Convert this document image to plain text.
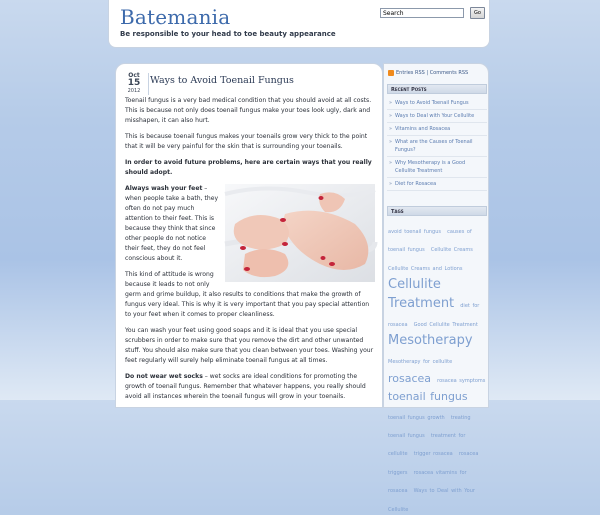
Batemania
Be responsible to your head to toe beauty appearance
Search
Go
Oct
15
2012
Ways to Avoid Toenail Fungus

Toenail fungus is a very bad medical condition that you should avoid at all costs. This is because not only does toenail fungus make your toes look ugly, dark and misshapen, it can also hurt.

This is because toenail fungus makes your toenails grow very thick to the point that it will be very painful for the skin that is surrounding your toenails.

In order to avoid future problems, here are certain ways that you really should adopt.

Always wash your feet – when people take a bath, they often do not pay much attention to their feet. This is because they think that since other people do not notice their feet, they do not feel conscious about it.

This kind of attitude is wrong because it leads to not only germ and grime buildup, it also results to conditions that make the growth of fungus very ideal. This is why it is very important that you pay special attention to your feet when it comes to proper cleanliness.

You can wash your feet using good soaps and it is ideal that you use special scrubbers in order to make sure that you remove the dirt and other unwanted stuff. You should also make sure that you clean between your toes. Washing your feet regularly will surely help eliminate toenail fungus at all times.

Do not wear wet socks – wet socks are ideal conditions for promoting the growth of toenail fungus. Remember that whatever happens, you really should avoid all instances wherein the toenail fungus will grow in your toenails.

Entries RSS | Comments RSS
Recent Posts
» Ways to Avoid Toenail Fungus
» Ways to Deal with Your Cellulite
» Vitamins and Rosacea
» What are the Causes of Toenail Fungus?
» Why Mesotherapy is a Good Cellulite Treatment
» Diet for Rosacea
Tags
avoid toenail fungus causes of toenail fungus Cellulite Creams Cellulite Creams and Lotions Cellulite Treatment diet for rosacea Good Cellulite Treatment Mesotherapy Mesotherapy for cellulite rosacea rosacea symptoms toenail fungus toenail fungus growth treating toenail fungus treatment for cellulite trigger rosacea rosacea triggers rosacea vitamins for rosacea Ways to Deal with Your Cellulite
